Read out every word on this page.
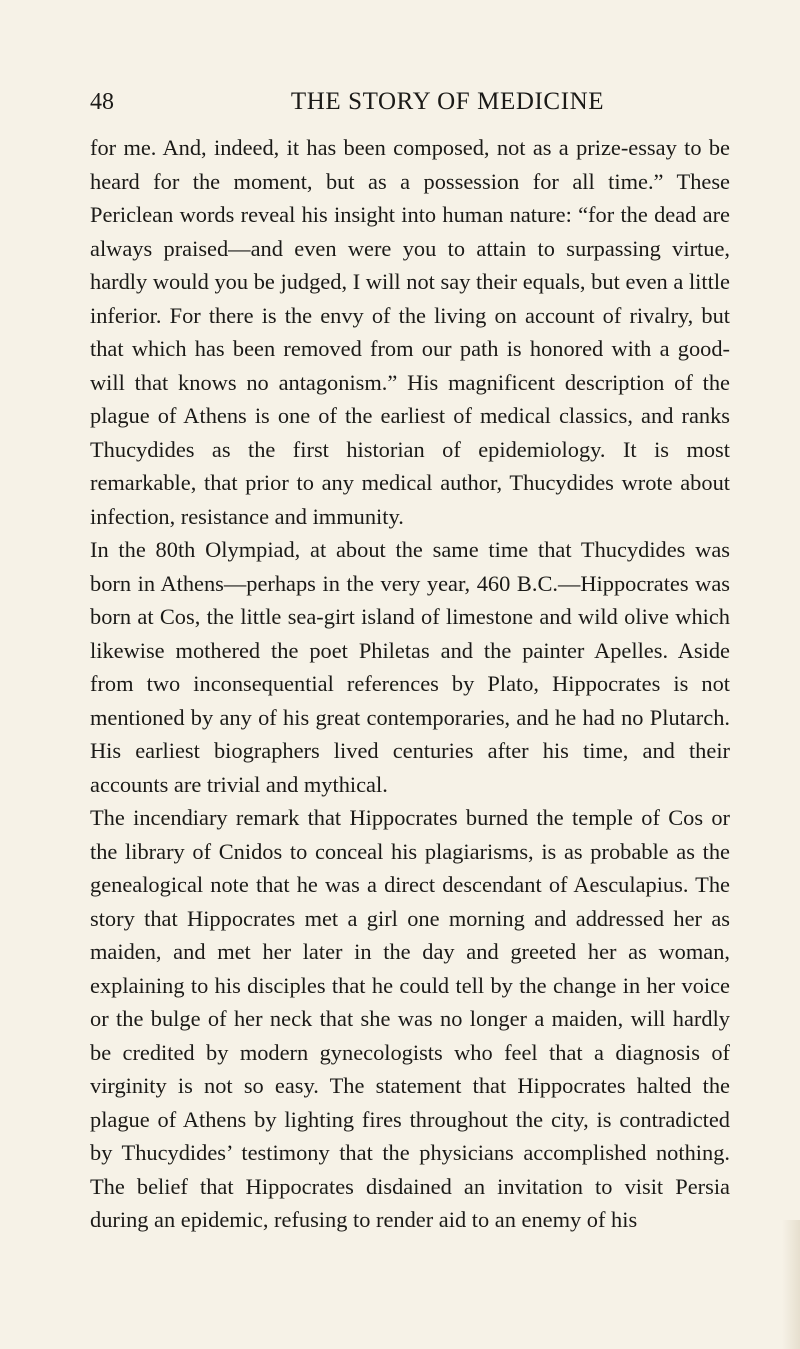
48	THE STORY OF MEDICINE

for me. And, indeed, it has been composed, not as a prize-essay to be heard for the moment, but as a possession for all time.” These Periclean words reveal his insight into human nature: “for the dead are always praised—and even were you to attain to surpassing virtue, hardly would you be judged, I will not say their equals, but even a little inferior. For there is the envy of the living on account of rivalry, but that which has been removed from our path is honored with a good-will that knows no antagonism.” His magnificent description of the plague of Athens is one of the earliest of medical classics, and ranks Thucydides as the first historian of epidemiology. It is most remarkable, that prior to any medical author, Thucydides wrote about infection, resistance and immunity.

In the 80th Olympiad, at about the same time that Thucydides was born in Athens—perhaps in the very year, 460 B.C.—Hippocrates was born at Cos, the little sea-girt island of limestone and wild olive which likewise mothered the poet Philetas and the painter Apelles. Aside from two inconsequential references by Plato, Hippocrates is not mentioned by any of his great contemporaries, and he had no Plutarch. His earliest biographers lived centuries after his time, and their accounts are trivial and mythical.

The incendiary remark that Hippocrates burned the temple of Cos or the library of Cnidos to conceal his plagiarisms, is as probable as the genealogical note that he was a direct descendant of Aesculapius. The story that Hippocrates met a girl one morning and addressed her as maiden, and met her later in the day and greeted her as woman, explaining to his disciples that he could tell by the change in her voice or the bulge of her neck that she was no longer a maiden, will hardly be credited by modern gynecologists who feel that a diagnosis of virginity is not so easy. The statement that Hippocrates halted the plague of Athens by lighting fires throughout the city, is contradicted by Thucydides’ testimony that the physicians accomplished nothing. The belief that Hippocrates disdained an invitation to visit Persia during an epidemic, refusing to render aid to an enemy of his
